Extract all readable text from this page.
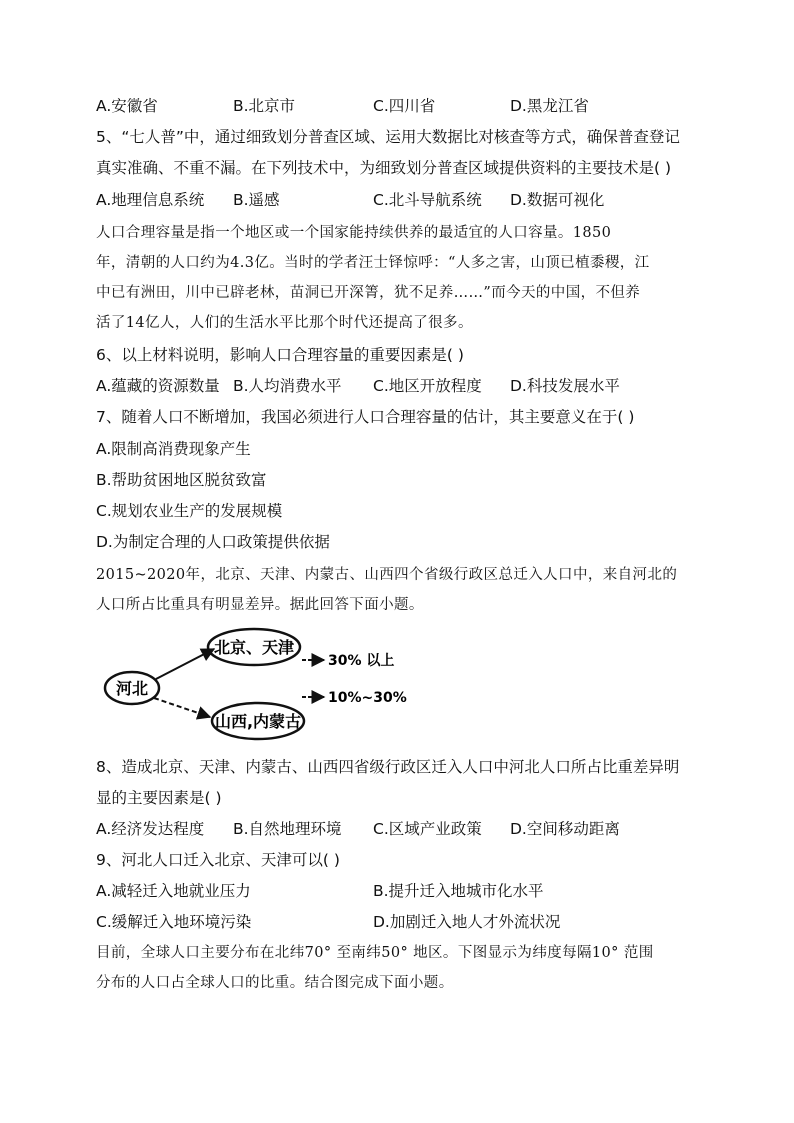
A.安徽省	B.北京市	C.四川省	D.黑龙江省
5、“七人普”中，通过细致划分普查区域、运用大数据比对核查等方式，确保普查登记
真实准确、不重不漏。在下列技术中，为细致划分普查区域提供资料的主要技术是( )
A.地理信息系统 B.遥感	C.北斗导航系统 D.数据可视化
人口合理容量是指一个地区或一个国家能持续供养的最适宜的人口容量。1850
年，清朝的人口约为4.3亿。当时的学者汪士铎惊呼：“人多之害，山顶已植黍稷，江
中已有洲田，川中已辟老林，苗洞已开深箐，犹不足养……”而今天的中国，不但养
活了14亿人，人们的生活水平比那个时代还提高了很多。
6、以上材料说明，影响人口合理容量的重要因素是( )
A.蕴藏的资源数量 B.人均消费水平 C.地区开放程度 D.科技发展水平
7、随着人口不断增加，我国必须进行人口合理容量的估计，其主要意义在于( )
A.限制高消费现象产生
B.帮助贫困地区脱贫致富
C.规划农业生产的发展规模
D.为制定合理的人口政策提供依据
2015~2020年，北京、天津、内蒙古、山西四个省级行政区总迁入人口中，来自河北的
人口所占比重具有明显差异。据此回答下面小题。
河北
北京、天津
山西,内蒙古
30% 以上
10%~30%
8、造成北京、天津、内蒙古、山西四省级行政区迁入人口中河北人口所占比重差异明
显的主要因素是( )
A.经济发达程度 B.自然地理环境 C.区域产业政策 D.空间移动距离
9、河北人口迁入北京、天津可以( )
A.减轻迁入地就业压力	B.提升迁入地城市化水平
C.缓解迁入地环境污染	D.加剧迁入地人才外流状况
目前，全球人口主要分布在北纬70° 至南纬50° 地区。下图显示为纬度每隔10° 范围
分布的人口占全球人口的比重。结合图完成下面小题。
